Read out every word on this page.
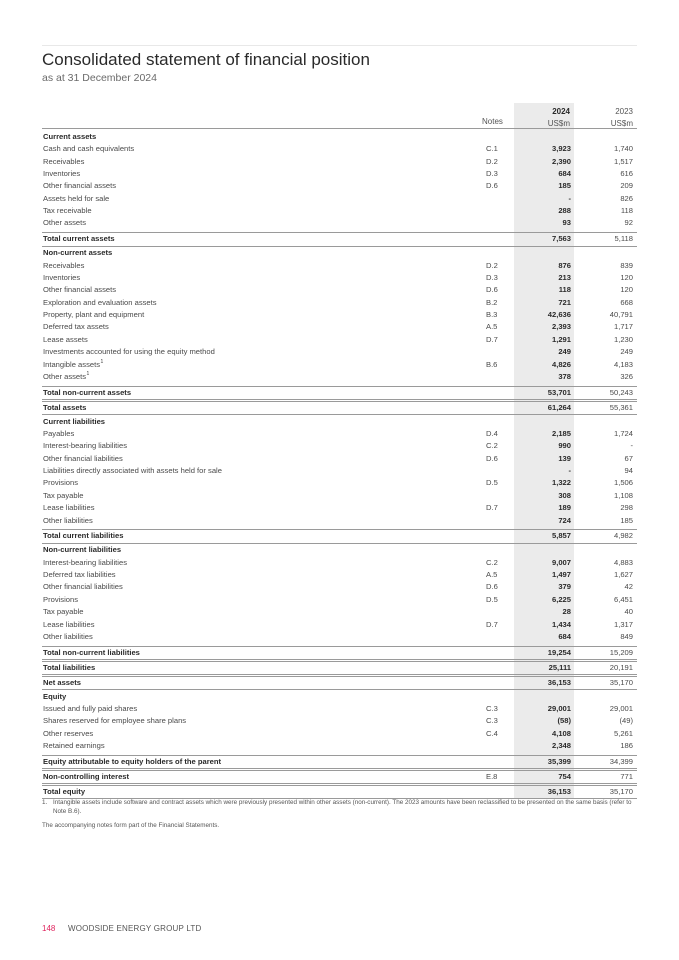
Consolidated statement of financial position
as at 31 December 2024
2024	2023
Notes	US$m	US$m
Current assets
Cash and cash equivalents	C.1	3,923	1,740
Receivables	D.2	2,390	1,517
Inventories	D.3	684	616
Other financial assets	D.6	185	209
Assets held for sale	-	826
Tax receivable	288	118
Other assets	93	92
Total current assets	7,563	5,118
Non-current assets
Receivables	D.2	876	839
Inventories	D.3	213	120
Other financial assets	D.6	118	120
Exploration and evaluation assets	B.2	721	668
Property, plant and equipment	B.3	42,636	40,791
Deferred tax assets	A.5	2,393	1,717
Lease assets	D.7	1,291	1,230
Investments accounted for using the equity method	249	249
Intangible assets 1	B.6	4,826	4,183
Other assets 1	378	326
Total non-current assets	53,701	50,243
Total assets	61,264	55,361
Current liabilities
Payables	D.4	2,185	1,724
Interest-bearing liabilities	C.2	990	-
Other financial liabilities	D.6	139	67
Liabilities directly associated with assets held for sale	-	94
Provisions	D.5	1,322	1,506
Tax payable	308	1,108
Lease liabilities	D.7	189	298
Other liabilities	724	185
Total current liabilities	5,857	4,982
Non-current liabilities
Interest-bearing liabilities	C.2	9,007	4,883
Deferred tax liabilities	A.5	1,497	1,627
Other financial liabilities	D.6	379	42
Provisions	D.5	6,225	6,451
Tax payable	28	40
Lease liabilities	D.7	1,434	1,317
Other liabilities	684	849
Total non-current liabilities	19,254	15,209
Total liabilities	25,111	20,191
Net assets	36,153	35,170
Equity
Issued and fully paid shares	C.3	29,001	29,001
Shares reserved for employee share plans	C.3	(58)	(49)
Other reserves	C.4	4,108	5,261
Retained earnings	2,348	186
Equity attributable to equity holders of the parent	35,399	34,399
Non-controlling interest	E.8	754	771
Total equity	36,153	35,170
1. Intangible assets include software and contract assets which were previously presented within other assets (non-current). The 2023 amounts have been reclassified to be presented on the same basis (refer to Note B.6).
The accompanying notes form part of the Financial Statements.
148 WOODSIDE ENERGY GROUP LTD
